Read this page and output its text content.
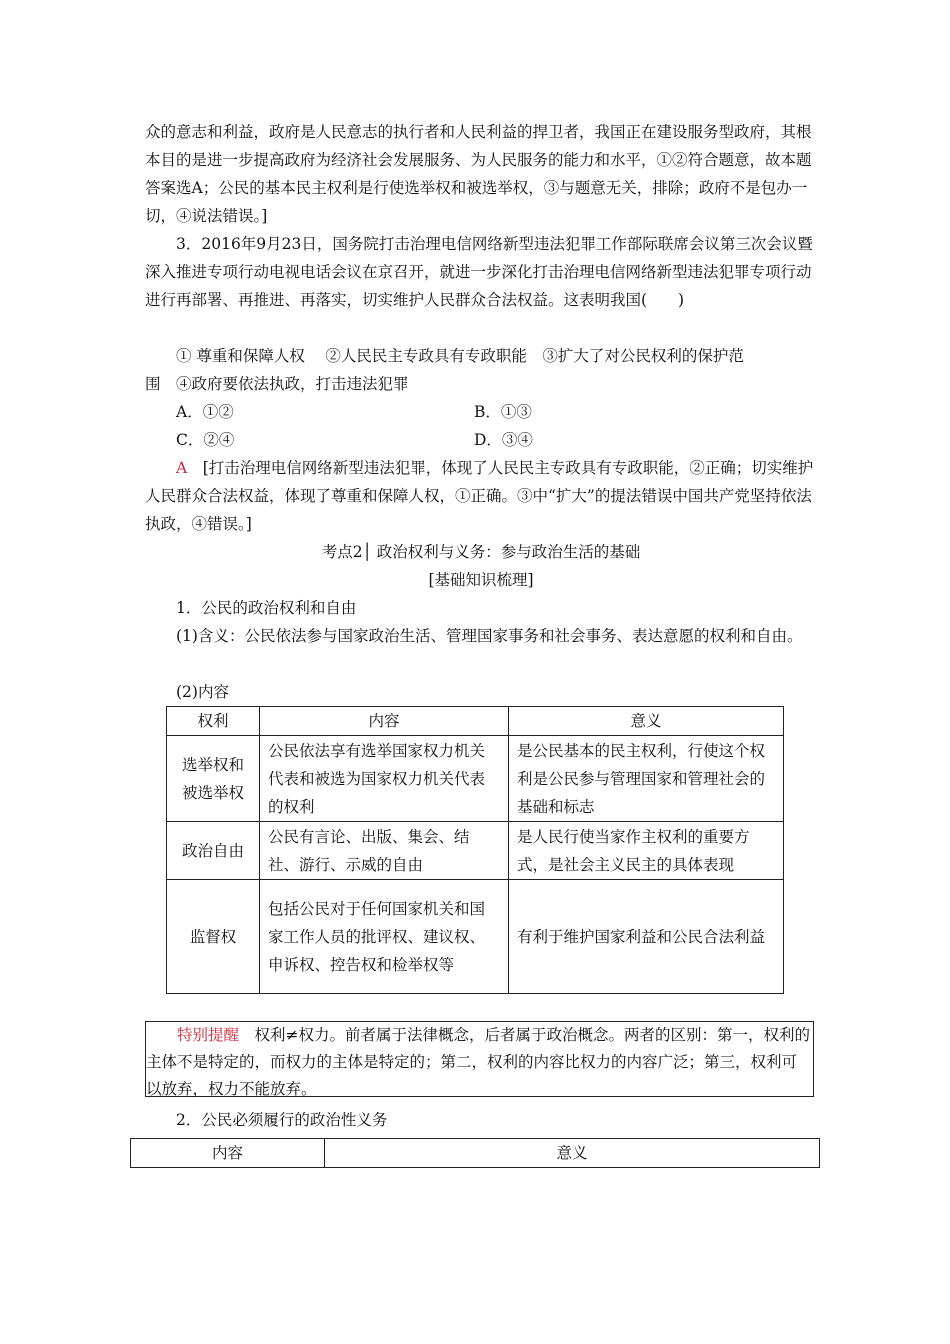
众的意志和利益，政府是人民意志的执行者和人民利益的捍卫者，我国正在建设服务型政府，其根本目的是进一步提高政府为经济社会发展服务、为人民服务的能力和水平，①②符合题意，故本题答案选A；公民的基本民主权利是行使选举权和被选举权，③与题意无关，排除；政府不是包办一切，④说法错误。]

3．2016年9月23日，国务院打击治理电信网络新型违法犯罪工作部际联席会议第三次会议暨深入推进专项行动电视电话会议在京召开，就进一步深化打击治理电信网络新型违法犯罪专项行动进行再部署、再推进、再落实，切实维护人民群众合法权益。这表明我国(　　)

① 尊重和保障人权　 ②人民民主专政具有专政职能　③扩大了对公民权利的保护范

围　④政府要依法执政，打击违法犯罪

A．①②	B．①③

C．②④	D．③④

A　[打击治理电信网络新型违法犯罪，体现了人民民主专政具有专政职能，②正确；切实维护人民群众合法权益，体现了尊重和保障人权，①正确。③中“扩大”的提法错误中国共产党坚持依法执政，④错误。]

考点2│ 政治权利与义务：参与政治生活的基础
[基础知识梳理]

1．公民的政治权利和自由

(1)含义：公民依法参与国家政治生活、管理国家事务和社会事务、表达意愿的权利和自由。

(2)内容

权利	内容	意义
选举权和被选举权	公民依法享有选举国家权力机关代表和被选为国家权力机关代表的权利	是公民基本的民主权利，行使这个权利是公民参与管理国家和管理社会的基础和标志
政治自由	公民有言论、出版、集会、结社、游行、示威的自由	是人民行使当家作主权利的重要方式，是社会主义民主的具体表现
监督权	包括公民对于任何国家机关和国家工作人员的批评权、建议权、申诉权、控告权和检举权等	有利于维护国家利益和公民合法利益

特别提醒　权利≠权力。前者属于法律概念，后者属于政治概念。两者的区别：第一，权利的主体不是特定的，而权力的主体是特定的；第二，权利的内容比权力的内容广泛；第三，权利可以放弃，权力不能放弃。

2．公民必须履行的政治性义务

内容	意义
